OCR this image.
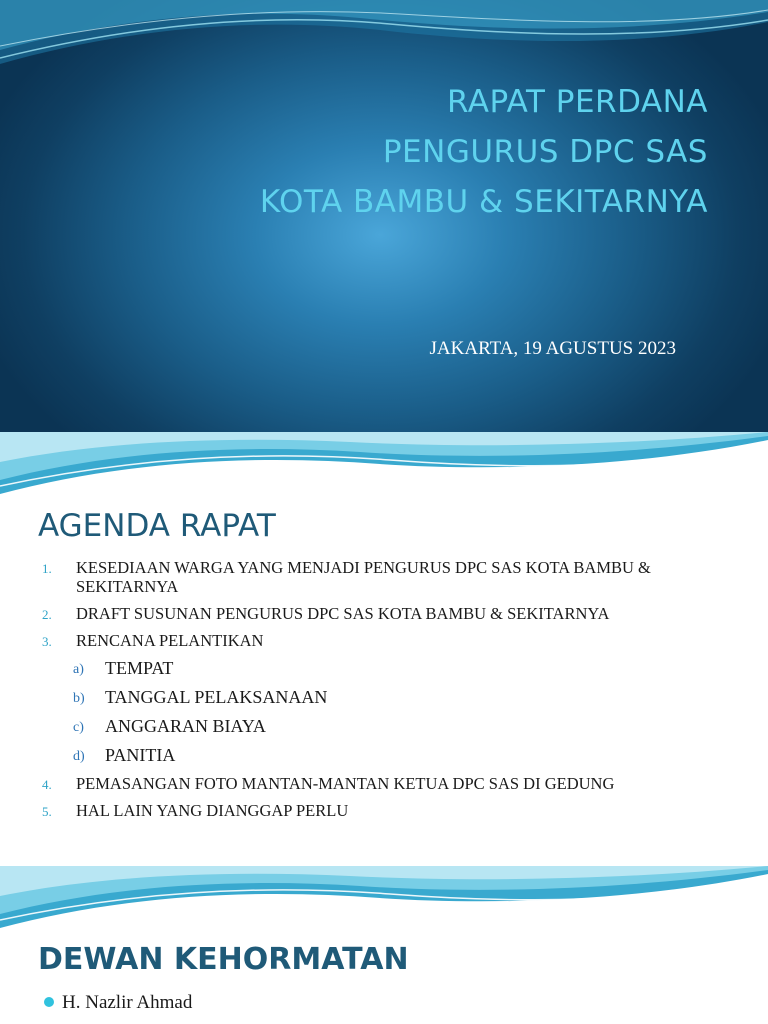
RAPAT PERDANA
PENGURUS DPC SAS
KOTA BAMBU & SEKITARNYA
JAKARTA, 19 AGUSTUS 2023
AGENDA RAPAT
1. KESEDIAAN WARGA YANG MENJADI PENGURUS DPC SAS KOTA BAMBU & SEKITARNYA
2. DRAFT SUSUNAN PENGURUS DPC SAS KOTA BAMBU & SEKITARNYA
3. RENCANA PELANTIKAN
a) TEMPAT
b) TANGGAL PELAKSANAAN
c) ANGGARAN BIAYA
d) PANITIA
4. PEMASANGAN FOTO MANTAN-MANTAN KETUA DPC SAS DI GEDUNG
5. HAL LAIN YANG DIANGGAP PERLU
DEWAN KEHORMATAN
H. Nazlir Ahmad
